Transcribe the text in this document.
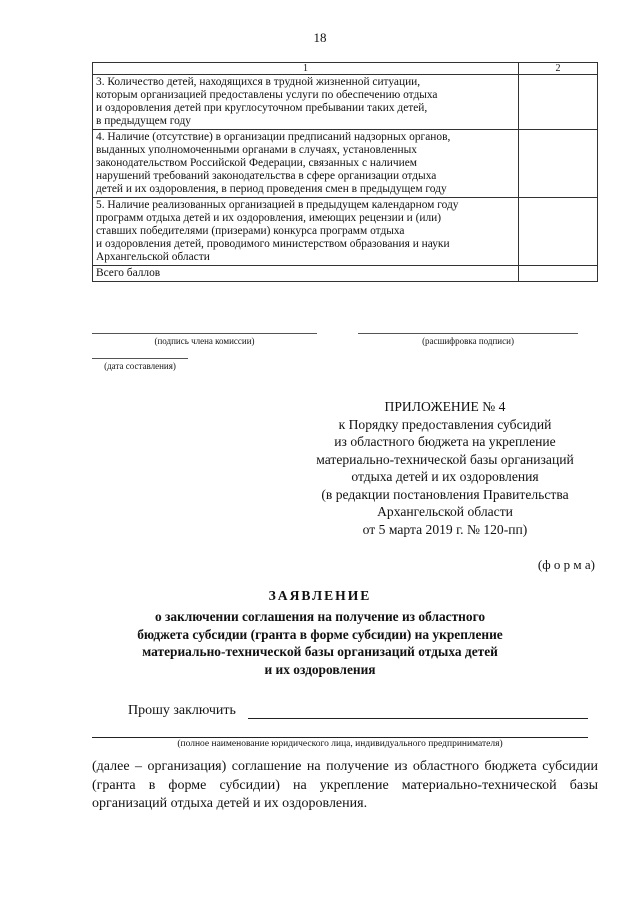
18
1	2
3. Количество детей, находящихся в трудной жизненной ситуации,
которым организацией предоставлены услуги по обеспечению отдыха
и оздоровления детей при круглосуточном пребывании таких детей,
в предыдущем году	
4. Наличие (отсутствие) в организации предписаний надзорных органов,
выданных уполномоченными органами в случаях, установленных
законодательством Российской Федерации, связанных с наличием
нарушений требований законодательства в сфере организации отдыха
детей и их оздоровления, в период проведения смен в предыдущем году	
5. Наличие реализованных организацией в предыдущем календарном году
программ отдыха детей и их оздоровления, имеющих рецензии и (или)
ставших победителями (призерами) конкурса программ отдыха
и оздоровления детей, проводимого министерством образования и науки
Архангельской области	
Всего баллов	
(подпись члена комиссии)	(расшифровка подписи)
(дата составления)
ПРИЛОЖЕНИЕ № 4
к Порядку предоставления субсидий
из областного бюджета на укрепление
материально-технической базы организаций
отдыха детей и их оздоровления
(в редакции постановления Правительства
Архангельской области
от 5 марта 2019 г. № 120-пп)
(ф о р м а)
ЗАЯВЛЕНИЕ
о заключении соглашения на получение из областного
бюджета субсидии (гранта в форме субсидии) на укрепление
материально-технической базы организаций отдыха детей
и их оздоровления
Прошу заключить
(полное наименование юридического лица, индивидуального предпринимателя)
(далее – организация) соглашение на получение из областного бюджета субсидии (гранта в форме субсидии) на укрепление материально-технической базы организаций отдыха детей и их оздоровления.
